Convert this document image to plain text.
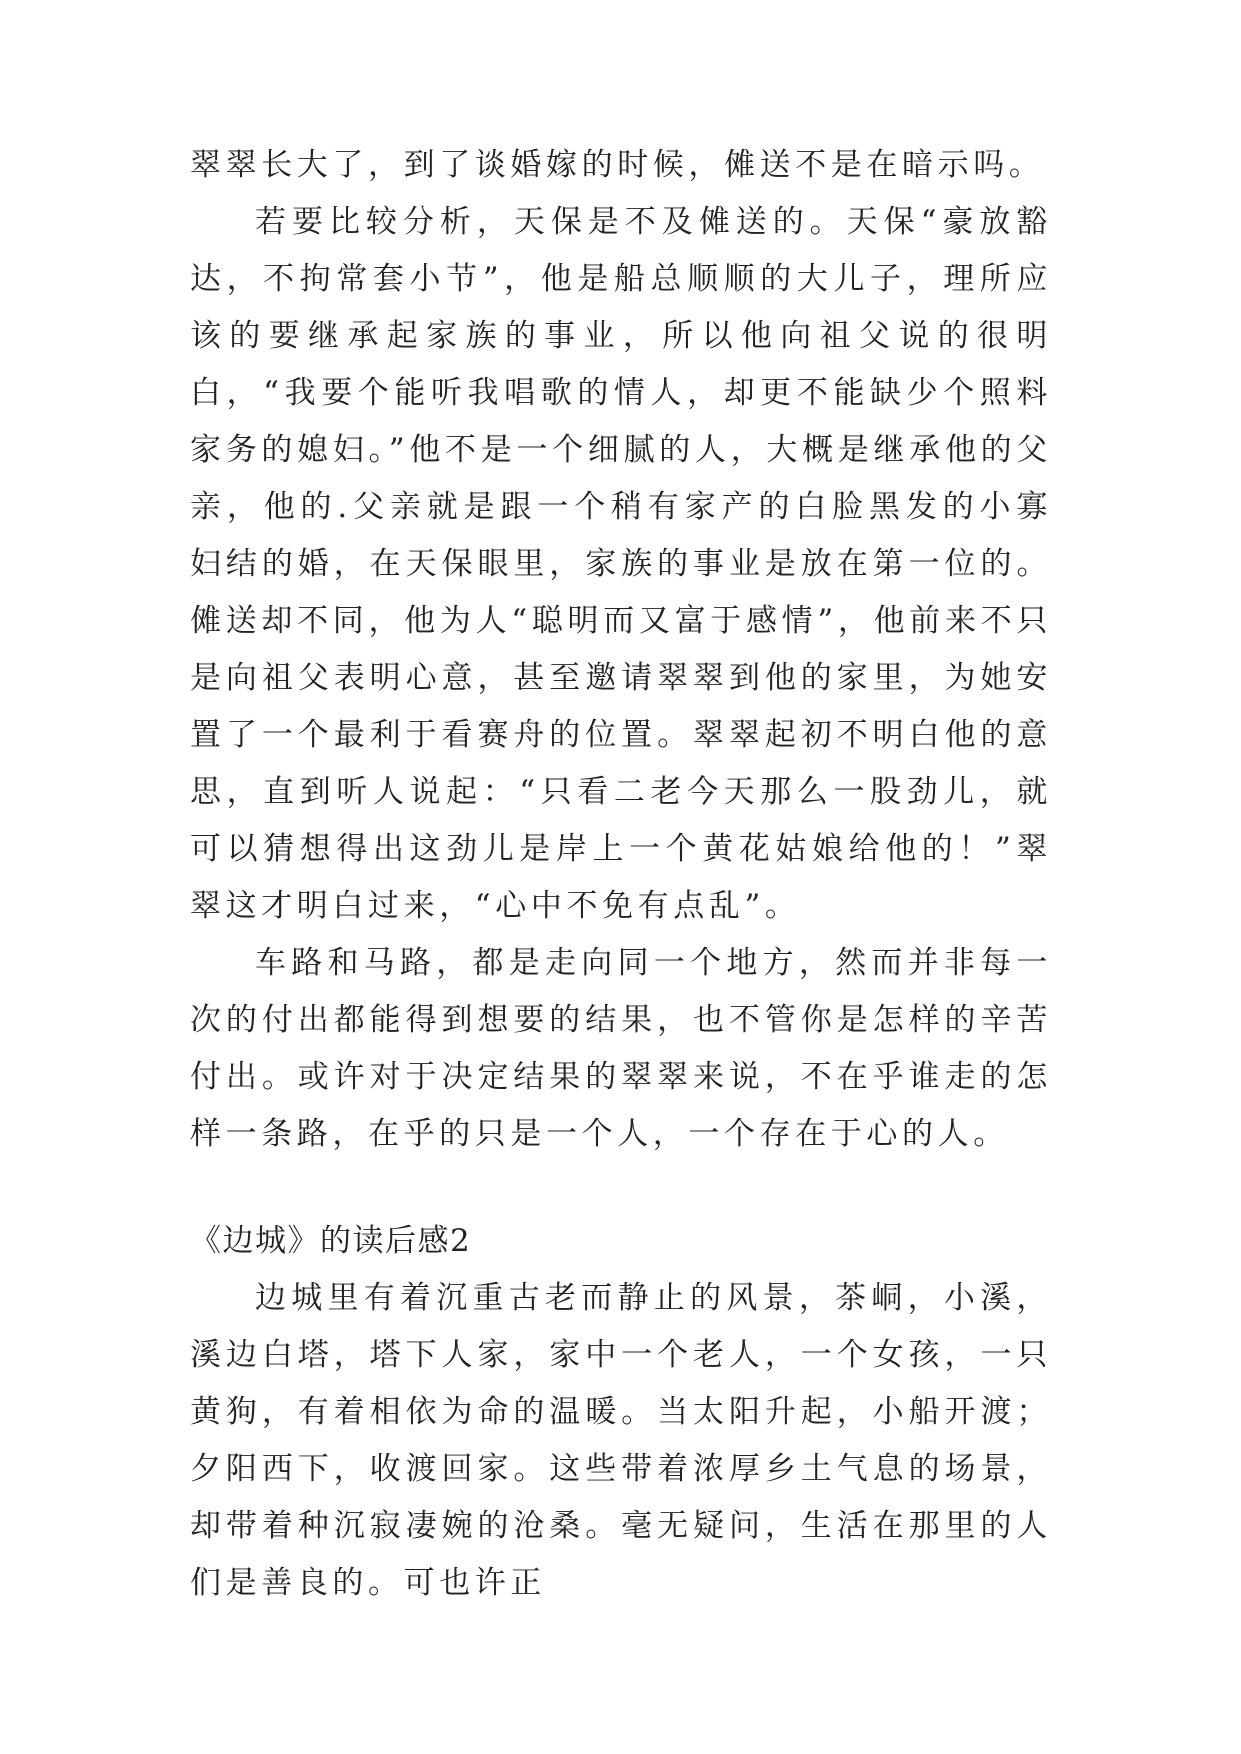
翠翠长大了，到了谈婚嫁的时候，傩送不是在暗示吗。

若要比较分析，天保是不及傩送的。天保“豪放豁达，不拘常套小节”，他是船总顺顺的大儿子，理所应该的要继承起家族的事业，所以他向祖父说的很明白，“我要个能听我唱歌的情人，却更不能缺少个照料家务的媳妇。”他不是一个细腻的人，大概是继承他的父亲，他的.父亲就是跟一个稍有家产的白脸黑发的小寡妇结的婚，在天保眼里，家族的事业是放在第一位的。傩送却不同，他为人“聪明而又富于感情”，他前来不只是向祖父表明心意，甚至邀请翠翠到他的家里，为她安置了一个最利于看赛舟的位置。翠翠起初不明白他的意思，直到听人说起：“只看二老今天那么一股劲儿，就可以猜想得出这劲儿是岸上一个黄花姑娘给他的！”翠翠这才明白过来，“心中不免有点乱”。

车路和马路，都是走向同一个地方，然而并非每一次的付出都能得到想要的结果，也不管你是怎样的辛苦付出。或许对于决定结果的翠翠来说，不在乎谁走的怎样一条路，在乎的只是一个人，一个存在于心的人。

《边城》的读后感2

边城里有着沉重古老而静止的风景，茶峒，小溪，溪边白塔，塔下人家，家中一个老人，一个女孩，一只黄狗，有着相依为命的温暖。当太阳升起，小船开渡；夕阳西下，收渡回家。这些带着浓厚乡土气息的场景，却带着种沉寂凄婉的沧桑。毫无疑问，生活在那里的人们是善良的。可也许正
